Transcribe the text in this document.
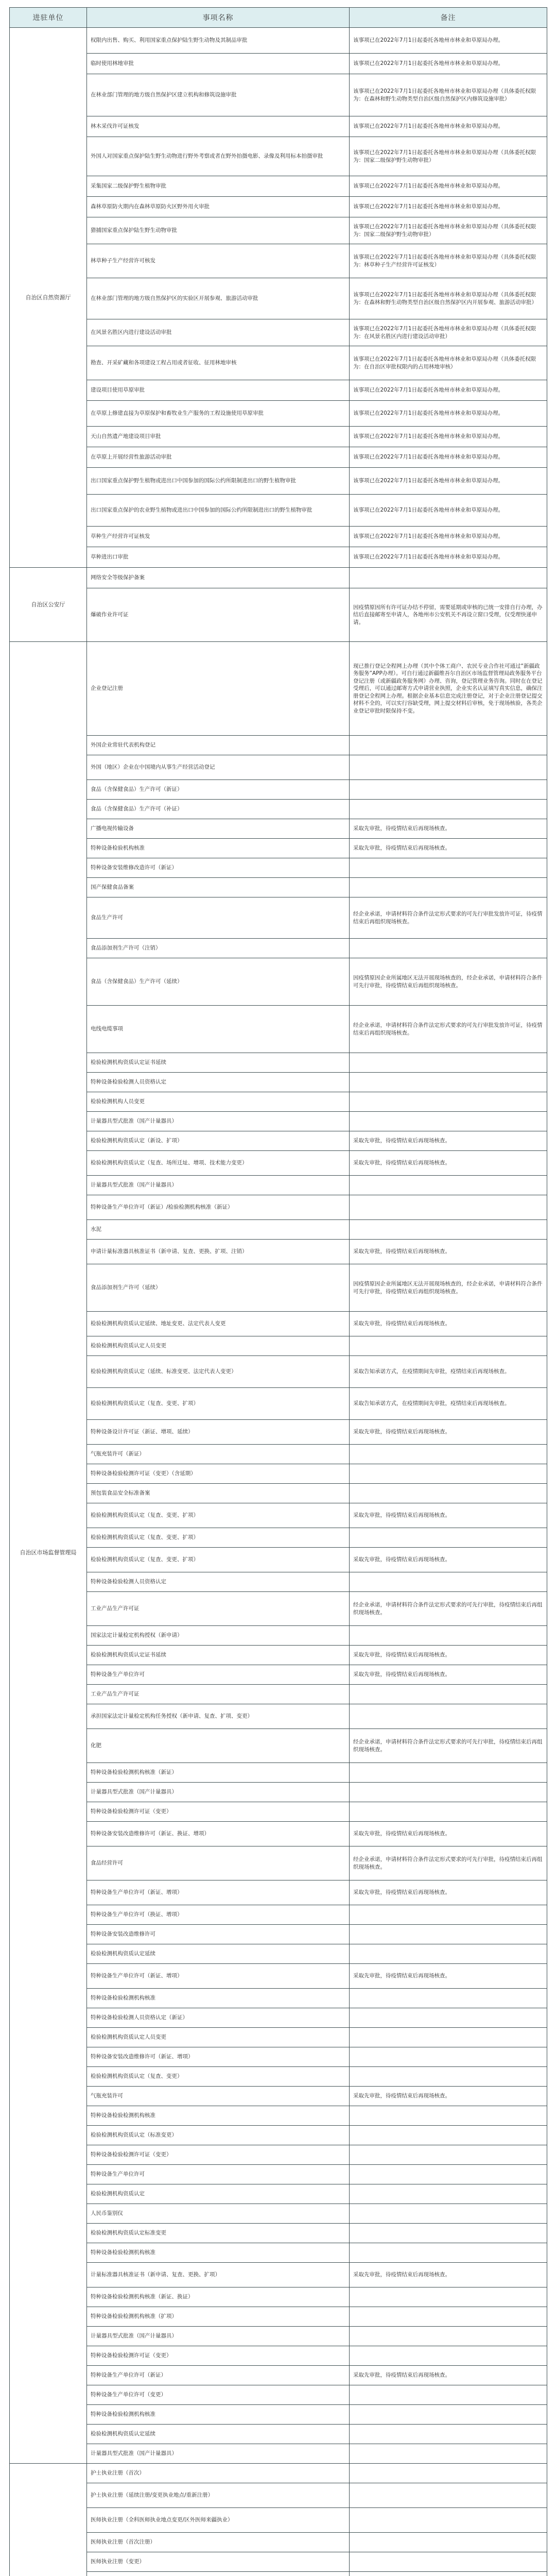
进驻单位	事项名称	备注
自治区自然资源厅	权限内出售、购买、利用国家重点保护陆生野生动物及其制品审批	该事项已在2022年7月1日起委托各地州市林业和草原局办理。
	临时使用林地审批	该事项已在2022年7月1日起委托各地州市林业和草原局办理。
	在林业部门管理的地方级自然保护区建立机构和修筑设施审批	该事项已在2022年7月1日起委托各地州市林业和草原局办理（具体委托权限为：在森林和野生动物类型自治区级自然保护区内修筑设施审批）
	林木采伐许可证核发	该事项已在2022年7月1日起委托各地州市林业和草原局办理。
	外国人对国家重点保护陆生野生动物进行野外考察或者在野外拍摄电影、录像及利用标本拍摄审批	该事项已在2022年7月1日起委托各地州市林业和草原局办理（具体委托权限为：国家二级保护野生动物审批）
	采集国家二级保护野生植物审批	该事项已在2022年7月1日起委托各地州市林业和草原局办理。
	森林草原防火期内在森林草原防火区野外用火审批	该事项已在2022年7月1日起委托各地州市林业和草原局办理。
	猎捕国家重点保护陆生野生动物审批	该事项已在2022年7月1日起委托各地州市林业和草原局办理（具体委托权限为：国家二级保护野生动物审批）
	林草种子生产经营许可核发	该事项已在2022年7月1日起委托各地州市林业和草原局办理（具体委托权限为：林草种子生产经营许可证核发）
	在林业部门管理的地方级自然保护区的实验区开展参观、旅游活动审批	该事项已在2022年7月1日起委托各地州市林业和草原局办理（具体委托权限为：在森林和野生动物类型自治区级自然保护区内开展参观、旅游活动审批）
	在风景名胜区内进行建设活动审批	该事项已在2022年7月1日起委托各地州市林业和草原局办理（具体委托权限为：在风景名胜区内进行建设活动审批）
	勘查、开采矿藏和各项建设工程占用或者征收、征用林地审核	该事项已在2022年7月1日起委托各地州市林业和草原局办理（具体委托权限为：在自治区审批权限内的占用林地审核）
	建设项目使用草原审批	该事项已在2022年7月1日起委托各地州市林业和草原局办理。
	在草原上修建直接为草原保护和畜牧业生产服务的工程设施使用草原审批	该事项已在2022年7月1日起委托各地州市林业和草原局办理。
	天山自然遗产地建设项目审批	该事项已在2022年7月1日起委托各地州市林业和草原局办理。
	在草原上开展经营性旅游活动审批	该事项已在2022年7月1日起委托各地州市林业和草原局办理。
	出口国家重点保护野生植物或进出口中国参加的国际公约所限制进出口的野生植物审批	该事项已在2022年7月1日起委托各地州市林业和草原局办理。
	出口国家重点保护的农业野生植物或进出口中国参加的国际公约所限制进出口的野生植物审批	该事项已在2022年7月1日起委托各地州市林业和草原局办理。
	草种生产经营许可证核发	该事项已在2022年7月1日起委托各地州市林业和草原局办理。
	草种进出口审批	该事项已在2022年7月1日起委托各地州市林业和草原局办理。
自治区公安厅	网络安全等级保护备案	
	爆破作业许可证	因疫情原因所有许可证办结不停留，需要延期或审核的已统一安排自行办理，办结后直接邮寄至申请人，各地州市公安机关不再设立窗口受理，仅受理快递申请。
自治区市场监督管理局	企业登记注册	现已推行登记全程网上办理（其中个体工商户、农民专业合作社可通过“新疆政务服务”APP办理）。可自行通过新疆维吾尔自治区市场监督管理局政务服务平台登记注册（或新疆政务服务网）办理、咨询，登记管理业务咨询。同时在在登记受理后，可以通过邮寄方式申请营业执照，企业实名认证填写真实信息，确保注册登记全程网上办理。根据企业基本信息完成注册登记，对于企业注册登记提交材料不全的，可以实行容缺受理，网上提交材料后审核，免于现场核验，各类企业登记审批时限保持不变。
	外国企业常驻代表机构登记	
	外国（地区）企业在中国境内从事生产经营活动登记	
	食品（含保健食品）生产许可（新证）	
	食品（含保健食品）生产许可（补证）	
	广播电视传输设备	采取先审批，待疫情结束后再现场核查。
	特种设备检验机构核准	采取先审批，待疫情结束后再现场核查。
	特种设备安装维修改造许可（新证）	
	国产保健食品备案	
	食品生产许可	经企业承诺，申请材料符合条件法定形式要求的可先行审批发放许可证，待疫情结束后再组织现场核查。
	食品添加剂生产许可（注销）	
	食品（含保健食品）生产许可（延续）	因疫情原因企业所属地区无法开展现场核查的，经企业承诺，申请材料符合条件可先行审批，待疫情结束后再组织现场核查。
	电线电缆事项	经企业承诺，申请材料符合条件法定形式要求的可先行审批发放许可证，待疫情结束后再组织现场核查。
	检验检测机构资质认定证书延续	
	特种设备检验检测人员资格认定	
	检验检测机构人员变更	
	计量器具型式批准（国产计量器具）	
	检验检测机构资质认定（新设、扩项）	采取先审批，待疫情结束后再现场核查。
	检验检测机构资质认定（复查、场所迁址、增项、技术能力变更）	采取先审批，待疫情结束后再现场核查。
	计量器具型式批准（国产计量器具）	
	特种设备生产单位许可（新证）/检验检测机构核准（新证）	
	水泥	
	申请计量标准器具核准证书（新申请、复查、更换、扩项、注销）	采取先审批，待疫情结束后再现场核查。
	食品添加剂生产许可（延续）	因疫情原因企业所属地区无法开展现场核查的，经企业承诺，申请材料符合条件可先行审批，待疫情结束后再组织现场核查。
	检验检测机构资质认定延续、地址变更、法定代表人变更	采取先审批，待疫情结束后再现场核查。
	检验检测机构资质认定人员变更	
	检验检测机构资质认定（延续、标准变更、法定代表人变更）	采取告知承诺方式，在疫情期间先审批，疫情结束后再现场核查。
	检验检测机构资质认定（复查、变更、扩项）	采取告知承诺方式，在疫情期间先审批，疫情结束后再现场核查。
	特种设备设计许可证（新证、增项、延续）	采取先审批，待疫情结束后再现场核查。
	气瓶充装许可（新证）	
	特种设备检验检测许可证（变更）（含延期）	
	预包装食品安全标准备案	
	检验检测机构资质认定（复查、变更、扩项）	采取先审批，待疫情结束后再现场核查。
	检验检测机构资质认定（复查、变更、扩项）	
	检验检测机构资质认定（复查、变更、扩项）	采取先审批，待疫情结束后再现场核查。
	特种设备检验检测人员资格认定	
	工业产品生产许可证	经企业承诺，申请材料符合条件法定形式要求的可先行审批，待疫情结束后再组织现场核查。
	国家法定计量检定机构授权（新申请）	
	检验检测机构资质认定证书延续	采取先审批，待疫情结束后再现场核查。
	特种设备生产单位许可	采取先审批，待疫情结束后再现场核查。
	工业产品生产许可证	
	承担国家法定计量检定机构任务授权（新申请、复查、扩项、变更）	
	化肥	经企业承诺，申请材料符合条件法定形式要求的可先行审批，待疫情结束后再组织现场核查。
	特种设备检验检测机构核准（新证）	
	计量器具型式批准（国产计量器具）	
	特种设备检验检测许可证（变更）	
	特种设备安装改造维修许可（新证、换证、增项）	采取先审批，待疫情结束后再现场核查。
	食品经营许可	经企业承诺，申请材料符合条件法定形式要求的可先行审批，待疫情结束后再组织现场核查。
	特种设备生产单位许可（新证、增项）	采取先审批，待疫情结束后再现场核查。
	特种设备生产单位许可（换证、增项）	
	特种设备安装改造维修许可	
	检验检测机构资质认定延续	
	特种设备生产单位许可（新证、增项）	采取先审批，待疫情结束后再现场核查。
	特种设备检验检测机构核准	
	特种设备检验检测人员资格认定（新证）	
	检验检测机构资质认定人员变更	
	特种设备安装改造维修许可（新证、增项）	
	检验检测机构资质认定（复查、变更）	
	气瓶充装许可	采取先审批，待疫情结束后再现场核查。
	特种设备检验检测机构核准	
	检验检测机构资质认定（标准变更）	
	特种设备检验检测许可证（变更）	
	特种设备生产单位许可	
	检验检测机构资质认定	
	人民币鉴别仪	
	检验检测机构资质认定标准变更	
	特种设备检验检测机构核准	
	计量标准器具核准证书（新申请、复查、更换、扩项）	采取先审批，待疫情结束后再现场核查。
	特种设备检验检测机构核准（新证、换证）	
	特种设备检验检测机构核准（扩项）	
	计量器具型式批准（国产计量器具）	
	特种设备检验检测许可证（变更）	
	特种设备生产单位许可（新证）	采取先审批，待疫情结束后再现场核查。
	特种设备生产单位许可（变更）	
	特种设备检验检测机构核准	
	检验检测机构资质认定延续	
	计量器具型式批准（国产计量器具）	
	护士执业注册（首次）	
	护士执业注册（延续注册/变更执业地点/重新注册）	
	医师执业注册（全科医师执业地点变更/区外医师来疆执业）	
	医师执业注册（首次注册）	
	医师执业注册（变更）	
